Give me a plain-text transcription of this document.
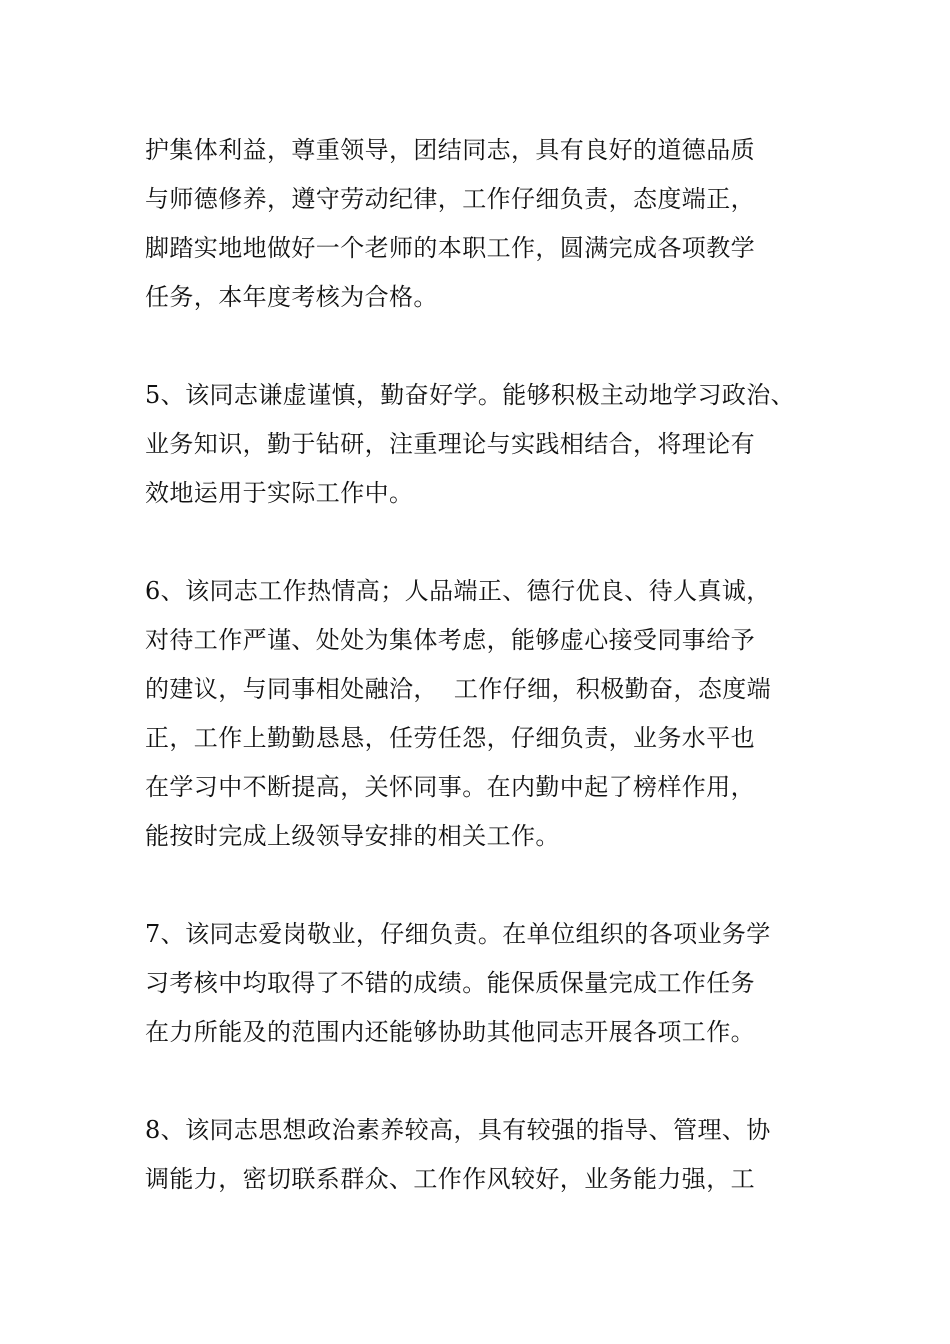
护集体利益，尊重领导，团结同志，具有良好的道德品质
与师德修养，遵守劳动纪律，工作仔细负责，态度端正，
脚踏实地地做好一个老师的本职工作，圆满完成各项教学
任务，本年度考核为合格。
5、该同志谦虚谨慎，勤奋好学。能够积极主动地学习政治、
业务知识，勤于钻研，注重理论与实践相结合，将理论有
效地运用于实际工作中。
6、该同志工作热情高；人品端正、德行优良、待人真诚，
对待工作严谨、处处为集体考虑，能够虚心接受同事给予
的建议，与同事相处融洽，  工作仔细，积极勤奋，态度端
正，工作上勤勤恳恳，任劳任怨，仔细负责，业务水平也
在学习中不断提高，关怀同事。在内勤中起了榜样作用，
能按时完成上级领导安排的相关工作。
7、该同志爱岗敬业，仔细负责。在单位组织的各项业务学
习考核中均取得了不错的成绩。能保质保量完成工作任务
在力所能及的范围内还能够协助其他同志开展各项工作。
8、该同志思想政治素养较高，具有较强的指导、管理、协
调能力，密切联系群众、工作作风较好，业务能力强，工
